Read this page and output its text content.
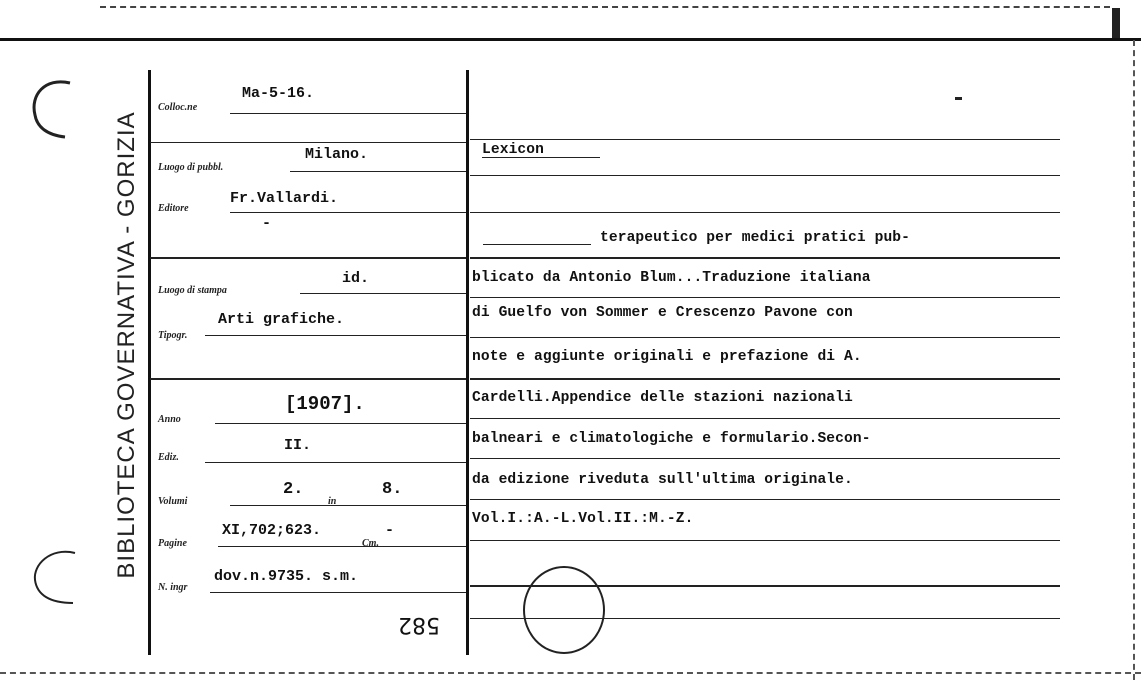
BIBLIOTECA GOVERNATIVA - GORIZIA
Colloc.ne
Ma-5-16.
Luogo di pubbl.
Milano.
Editore
Fr.Vallardi.
-
Luogo di stampa
id.
Tipogr.
Arti grafiche.
Anno
[1907].
Ediz.
II.
Volumi
2.
in
8.
Pagine
XI,702;623.
Cm.
-
N. ingr
dov.n.9735. s.m.
582
Lexicon
terapeutico per medici pratici pub-
blicato da Antonio Blum...Traduzione italiana
di Guelfo von Sommer e Crescenzo Pavone con
note e aggiunte originali e prefazione di A.
Cardelli.Appendice delle stazioni nazionali
balneari e climatologiche e formulario.Secon-
da edizione riveduta sull'ultima originale.
Vol.I.:A.-L.Vol.II.:M.-Z.
